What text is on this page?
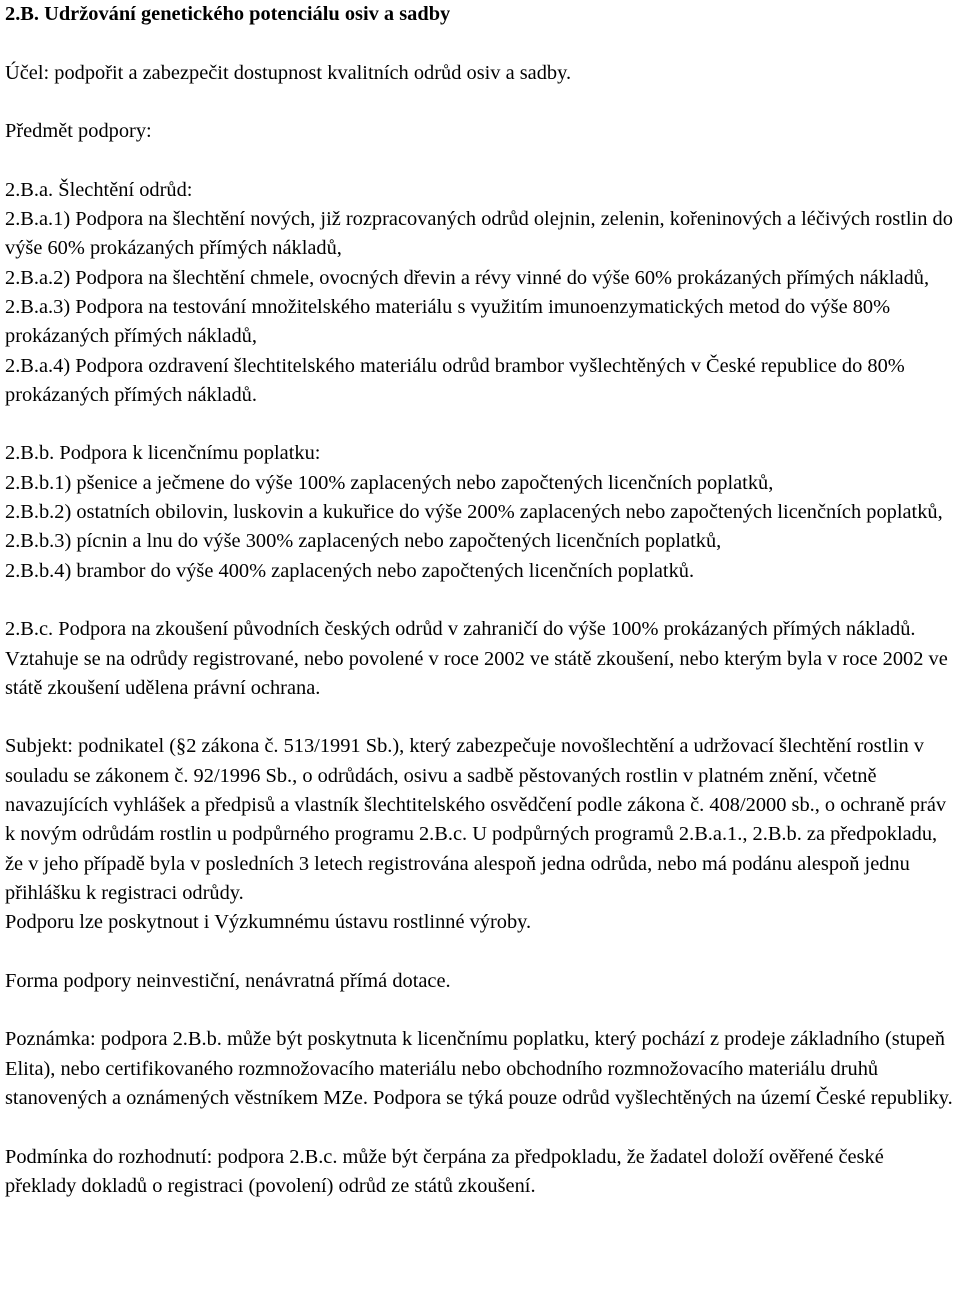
2.B. Udržování genetického potenciálu osiv a sadby

Účel: podpořit a zabezpečit dostupnost kvalitních odrůd osiv a sadby.

Předmět podpory:

2.B.a. Šlechtění odrůd:

2.B.a.1) Podpora na šlechtění nových, již rozpracovaných odrůd olejnin, zelenin, kořeninových a léčivých rostlin do výše 60% prokázaných přímých nákladů,

2.B.a.2) Podpora na šlechtění chmele, ovocných dřevin a révy vinné do výše 60% prokázaných přímých nákladů,

2.B.a.3) Podpora na testování množitelského materiálu s využitím imunoenzymatických metod do výše 80% prokázaných přímých nákladů,

2.B.a.4) Podpora ozdravení šlechtitelského materiálu odrůd brambor vyšlechtěných v České republice do 80% prokázaných přímých nákladů.

2.B.b. Podpora k licenčnímu poplatku:

2.B.b.1) pšenice a ječmene do výše 100% zaplacených nebo započtených licenčních poplatků,

2.B.b.2) ostatních obilovin, luskovin a kukuřice do výše 200% zaplacených nebo započtených licenčních poplatků,

2.B.b.3) pícnin a lnu do výše 300% zaplacených nebo započtených licenčních poplatků,

2.B.b.4) brambor do výše 400% zaplacených nebo započtených licenčních poplatků.

2.B.c. Podpora na zkoušení původních českých odrůd v zahraničí do výše 100% prokázaných přímých nákladů. Vztahuje se na odrůdy registrované, nebo povolené v roce 2002 ve státě zkoušení, nebo kterým byla v roce 2002 ve státě zkoušení udělena právní ochrana.

Subjekt: podnikatel (§2 zákona č. 513/1991 Sb.), který zabezpečuje novošlechtění a udržovací šlechtění rostlin v souladu se zákonem č. 92/1996 Sb., o odrůdách, osivu a sadbě pěstovaných rostlin v platném znění, včetně navazujících vyhlášek a předpisů a vlastník šlechtitelského osvědčení podle zákona č. 408/2000 sb., o ochraně práv k novým odrůdám rostlin u podpůrného programu 2.B.c. U podpůrných programů 2.B.a.1., 2.B.b. za předpokladu, že v jeho případě byla v posledních 3 letech registrována alespoň jedna odrůda, nebo má podánu alespoň jednu přihlášku k registraci odrůdy.

Podporu lze poskytnout i Výzkumnému ústavu rostlinné výroby.

Forma podpory neinvestiční, nenávratná přímá dotace.

Poznámka: podpora 2.B.b. může být poskytnuta k licenčnímu poplatku, který pochází z prodeje základního (stupeň Elita), nebo certifikovaného rozmnožovacího materiálu nebo obchodního rozmnožovacího materiálu druhů stanovených a oznámených věstníkem MZe. Podpora se týká pouze odrůd vyšlechtěných na území České republiky.

Podmínka do rozhodnutí: podpora 2.B.c. může být čerpána za předpokladu, že žadatel doloží ověřené české překlady dokladů o registraci (povolení) odrůd ze států zkoušení.
